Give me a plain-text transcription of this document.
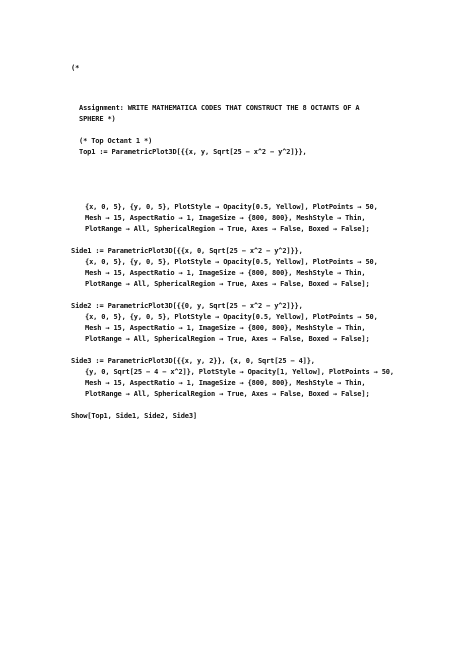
(*
Assignment: WRITE MATHEMATICA CODES THAT CONSTRUCT THE 8 OCTANTS OF A
SPHERE *)
(* Top Octant 1 *)
Top1 := ParametricPlot3D[{{x, y, Sqrt[25 − x^2 − y^2]}},
{x, 0, 5}, {y, 0, 5}, PlotStyle → Opacity[0.5, Yellow], PlotPoints → 50,
Mesh → 15, AspectRatio → 1, ImageSize → {800, 800}, MeshStyle → Thin,
PlotRange → All, SphericalRegion → True, Axes → False, Boxed → False];
Side1 := ParametricPlot3D[{{x, 0, Sqrt[25 − x^2 − y^2]}},
{x, 0, 5}, {y, 0, 5}, PlotStyle → Opacity[0.5, Yellow], PlotPoints → 50,
Mesh → 15, AspectRatio → 1, ImageSize → {800, 800}, MeshStyle → Thin,
PlotRange → All, SphericalRegion → True, Axes → False, Boxed → False];
Side2 := ParametricPlot3D[{{0, y, Sqrt[25 − x^2 − y^2]}},
{x, 0, 5}, {y, 0, 5}, PlotStyle → Opacity[0.5, Yellow], PlotPoints → 50,
Mesh → 15, AspectRatio → 1, ImageSize → {800, 800}, MeshStyle → Thin,
PlotRange → All, SphericalRegion → True, Axes → False, Boxed → False];
Side3 := ParametricPlot3D[{{x, y, 2}}, {x, 0, Sqrt[25 − 4]},
{y, 0, Sqrt[25 − 4 − x^2]}, PlotStyle → Opacity[1, Yellow], PlotPoints → 50,
Mesh → 15, AspectRatio → 1, ImageSize → {800, 800}, MeshStyle → Thin,
PlotRange → All, SphericalRegion → True, Axes → False, Boxed → False];
Show[Top1, Side1, Side2, Side3]
